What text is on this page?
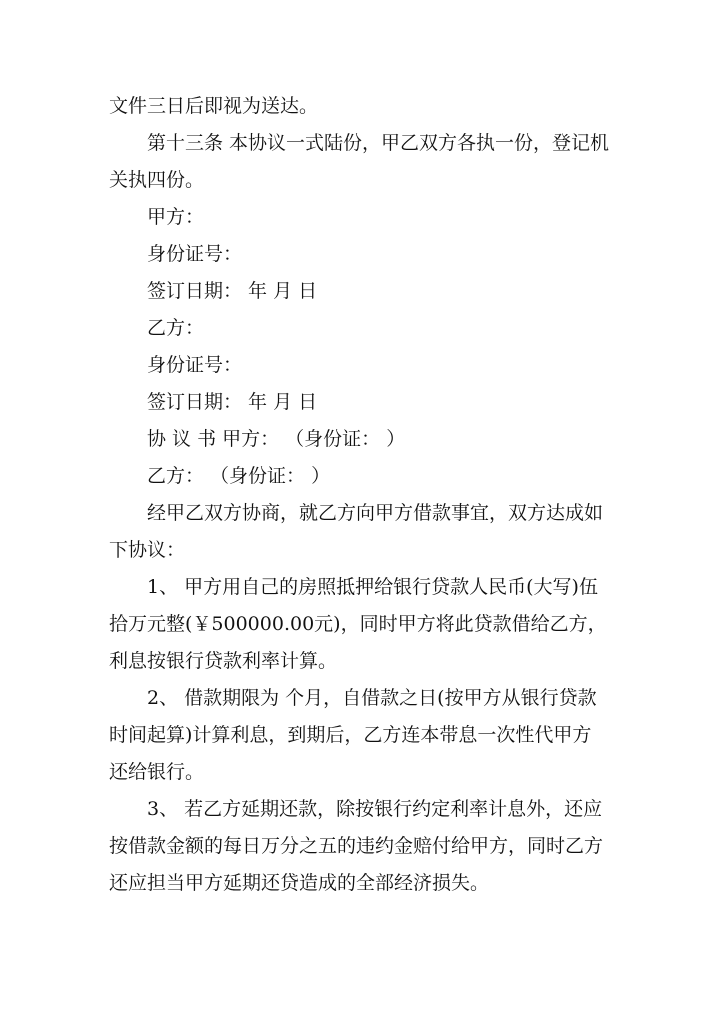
文件三日后即视为送达。
第十三条 本协议一式陆份，甲乙双方各执一份，登记机
关执四份。
甲方：
身份证号：
签订日期： 年 月 日
乙方：
身份证号：
签订日期： 年 月 日
协 议 书 甲方： （身份证： ）
乙方： （身份证： ）
经甲乙双方协商，就乙方向甲方借款事宜，双方达成如
下协议：
1、 甲方用自己的房照抵押给银行贷款人民币(大写)伍
拾万元整(￥500000.00元)，同时甲方将此贷款借给乙方，
利息按银行贷款利率计算。
2、 借款期限为 个月，自借款之日(按甲方从银行贷款
时间起算)计算利息，到期后，乙方连本带息一次性代甲方
还给银行。
3、 若乙方延期还款，除按银行约定利率计息外，还应
按借款金额的每日万分之五的违约金赔付给甲方，同时乙方
还应担当甲方延期还贷造成的全部经济损失。
